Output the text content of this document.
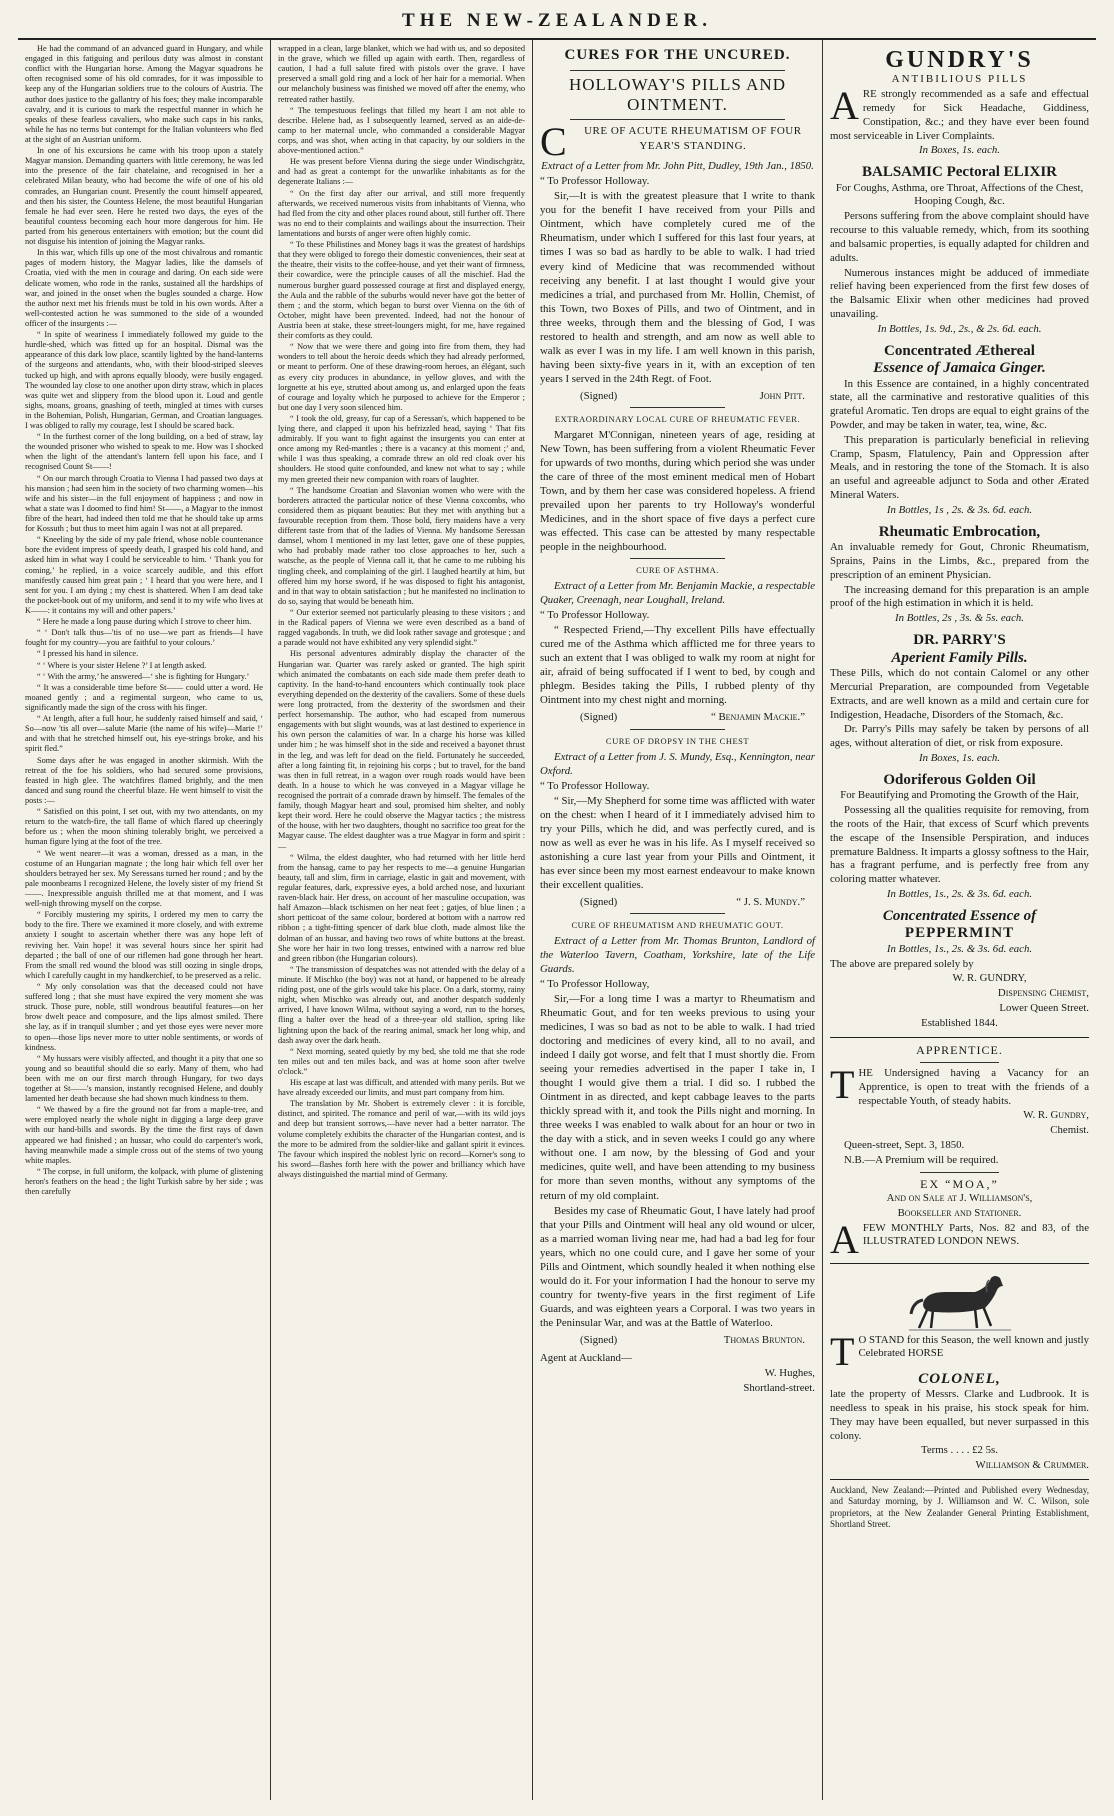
THE NEW-ZEALANDER.

He had the command of an advanced guard in Hungary, and while engaged in this fatiguing and perilous duty was almost in constant conflict with the Hungarian horse. Among the Magyar squadrons he often recognised some of his old comrades, for it was impossible to keep any of the Hungarian soldiers true to the colours of Austria. The author does justice to the gallantry of his foes; they make incomparable cavalry, and it is curious to mark the respectful manner in which he speaks of these fearless cavaliers, who make such caps in his ranks, while he has no terms but contempt for the Italian volunteers who fled at the sight of an Austrian uniform.

In one of his excursions he came with his troop upon a stately Magyar mansion. Demanding quarters with little ceremony, he was led into the presence of the fair chatelaine, and recognised in her a celebrated Milan beauty, who had become the wife of one of his old comrades, an Hungarian count. Presently the count himself appeared, and then his sister, the Countess Helene, the most beautiful Hungarian female he had ever seen. Here he rested two days, the eyes of the beautiful countess becoming each hour more dangerous for him. He parted from his generous entertainers with emotion; but the count did not disguise his intention of joining the Magyar ranks.

In this war, which fills up one of the most chivalrous and romantic pages of modern history, the Magyar ladies, like the damsels of Croatia, vied with the men in courage and daring. On each side were delicate women, who rode in the ranks, sustained all the hardships of war, and joined in the onset when the bugles sounded a charge. How the author next met his friends must be told in his own words. After a well-contested action he was summoned to the side of a wounded officer of the insurgents :—

“ In spite of weariness I immediately followed my guide to the hurdle-shed, which was fitted up for an hospital. Dismal was the appearance of this dark low place, scantily lighted by the hand-lanterns of the surgeons and attendants, who, with their blood-striped sleeves tucked up high, and with aprons equally bloody, were busily engaged. The wounded lay close to one another upon dirty straw, which in places was quite wet and slippery from the blood upon it. Loud and gentle sighs, moans, groans, gnashing of teeth, mingled at times with curses in the Bohemian, Polish, Hungarian, German, and Croatian languages. I was obliged to rally my courage, lest I should be scared back.

“ In the furthest corner of the long building, on a bed of straw, lay the wounded prisoner who wished to speak to me. How was I shocked when the light of the attendant's lantern fell upon his face, and I recognised Count St——!

“ On our march through Croatia to Vienna I had passed two days at his mansion ; had seen him in the society of two charming women—his wife and his sister—in the full enjoyment of happiness ; and now in what a state was I doomed to find him! St——, a Magyar to the inmost fibre of the heart, had indeed then told me that he should take up arms for Kossuth ; but thus to meet him again I was not at all prepared.

“ Kneeling by the side of my pale friend, whose noble countenance bore the evident impress of speedy death, I grasped his cold hand, and asked him in what way I could be serviceable to him. ‘ Thank you for coming,’ he replied, in a voice scarcely audible, and this effort manifestly caused him great pain ; ‘ I heard that you were here, and I sent for you. I am dying ; my chest is shattered. When I am dead take the pocket-book out of my uniform, and send it to my wife who lives at K——: it contains my will and other papers.’

“ Here he made a long pause during which I strove to cheer him.

“ ‘ Don't talk thus—'tis of no use—we part as friends—I have fought for my country—you are faithful to your colours.’

“ I pressed his hand in silence.

“ ‘ Where is your sister Helene ?’ I at length asked.

“ ‘ With the army,’ he answered—‘ she is fighting for Hungary.’

“ It was a considerable time before St—— could utter a word. He moaned gently ; and a regimental surgeon, who came to us, significantly made the sign of the cross with his finger.

“ At length, after a full hour, he suddenly raised himself and said, ‘ So—now 'tis all over—salute Marie (the name of his wife)—Marie !’ and with that he stretched himself out, his eye-strings broke, and his spirit fled.”

Some days after he was engaged in another skirmish. With the retreat of the foe his soldiers, who had secured some provisions, feasted in high glee. The watchfires flamed brightly, and the men danced and sung round the cheerful blaze. He went himself to visit the posts :—

“ Satisfied on this point, I set out, with my two attendants, on my return to the watch-fire, the tall flame of which flared up cheeringly before us ; when the moon shining tolerably bright, we perceived a human figure lying at the foot of the tree.

“ We went nearer—it was a woman, dressed as a man, in the costume of an Hungarian magnate ; the long hair which fell over her shoulders betrayed her sex. My Seressans turned her round ; and by the pale moonbeams I recognized Helene, the lovely sister of my friend St——. Inexpressible anguish thrilled me at that moment, and I was well-nigh throwing myself on the corpse.

“ Forcibly mustering my spirits, I ordered my men to carry the body to the fire. There we examined it more closely, and with extreme anxiety I sought to ascertain whether there was any hope left of reviving her. Vain hope! it was several hours since her spirit had departed ; the ball of one of our riflemen had gone through her heart. From the small red wound the blood was still oozing in single drops, which I carefully caught in my handkerchief, to be preserved as a relic.

“ My only consolation was that the deceased could not have suffered long ; that she must have expired the very moment she was struck. Those pure, noble, still wondrous beautiful features—on her brow dwelt peace and composure, and the lips almost smiled. There she lay, as if in tranquil slumber ; and yet those eyes were never more to open—those lips never more to utter noble sentiments, or words of kindness.

“ My hussars were visibly affected, and thought it a pity that one so young and so beautiful should die so early. Many of them, who had been with me on our first march through Hungary, for two days together at St——'s mansion, instantly recognised Helene, and doubly lamented her death because she had shown much kindness to them.

“ We thawed by a fire the ground not far from a maple-tree, and were employed nearly the whole night in digging a large deep grave with our hand-bills and swords. By the time the first rays of dawn appeared we had finished ; an hussar, who could do carpenter's work, having meanwhile made a simple cross out of the stems of two young white maples.

“ The corpse, in full uniform, the kolpack, with plume of glistening heron's feathers on the head ; the light Turkish sabre by her side ; was then carefully

wrapped in a clean, large blanket, which we had with us, and so deposited in the grave, which we filled up again with earth. Then, regardless of caution, I had a full salute fired with pistols over the grave. I have preserved a small gold ring and a lock of her hair for a memorial. When our melancholy business was finished we moved off after the enemy, who retreated rather hastily.

“ The tempestuous feelings that filled my heart I am not able to describe. Helene had, as I subsequently learned, served as an aide-de-camp to her maternal uncle, who commanded a considerable Magyar corps, and was shot, when acting in that capacity, by our soldiers in the above-mentioned action.”

He was present before Vienna during the siege under Windischgrätz, and had as great a contempt for the unwarlike inhabitants as for the degenerate Italians :—

“ On the first day after our arrival, and still more frequently afterwards, we received numerous visits from inhabitants of Vienna, who had fled from the city and other places round about, still further off. There was no end to their complaints and wailings about the insurrection. Their lamentations and bursts of anger were often highly comic.

“ To these Philistines and Money bags it was the greatest of hardships that they were obliged to forego their domestic conveniences, their seat at the theatre, their visits to the coffee-house, and yet their want of firmness, their cowardice, were the principle causes of all the mischief. Had the numerous burgher guard possessed courage at first and displayed energy, the Aula and the rabble of the suburbs would never have got the better of them ; and the storm, which began to burst over Vienna on the 6th of October, might have been prevented. Indeed, had not the honour of Austria been at stake, these street-loungers might, for me, have regained their comforts as they could.

“ Now that we were there and going into fire from them, they had wonders to tell about the heroic deeds which they had already performed, or meant to perform. One of these drawing-room heroes, an élégant, such as every city produces in abundance, in yellow gloves, and with the lorgnette at his eye, strutted about among us, and enlarged upon the feats of courage and loyalty which he purposed to achieve for the Emperor ; but one day I very soon silenced him.

“ I took the old, greasy, fur cap of a Seressan's, which happened to be lying there, and clapped it upon his befrizzled head, saying ‘ That fits admirably. If you want to fight against the insurgents you can enter at once among my Red-mantles ; there is a vacancy at this moment ;’ and, while I was thus speaking, a comrade threw an old red cloak over his shoulders. He stood quite confounded, and knew not what to say ; while my men greeted their new companion with roars of laughter.

“ The handsome Croatian and Slavonian women who were with the borderers attracted the particular notice of these Vienna coxcombs, who considered them as piquant beauties: But they met with anything but a favourable reception from them. Those bold, fiery maidens have a very different taste from that of the ladies of Vienna. My handsome Seressan damsel, whom I mentioned in my last letter, gave one of these puppies, who had probably made rather too close approaches to her, such a watsche, as the people of Vienna call it, that he came to me rubbing his tingling cheek, and complaining of the girl. I laughed heartily at him, but offered him my horse sword, if he was disposed to fight his antagonist, and in that way to obtain satisfaction ; but he manifested no inclination to do so, saying that would be beneath him.

“ Our exterior seemed not particularly pleasing to these visitors ; and in the Radical papers of Vienna we were even described as a band of ragged vagabonds. In truth, we did look rather savage and grotesque ; and a parade would not have exhibited any very splendid sight.”

His personal adventures admirably display the character of the Hungarian war. Quarter was rarely asked or granted. The high spirit which animated the combatants on each side made them prefer death to captivity. In the hand-to-hand encounters which continually took place everything depended on the dexterity of the cavaliers. Some of these duels were long protracted, from the dexterity of the swordsmen and their perfect horsemanship. The author, who had escaped from numerous engagements with but slight wounds, was at last destined to experience in his own person the calamities of war. In a charge his horse was killed under him ; he was himself shot in the side and received a bayonet thrust in the leg, and was left for dead on the field. Fortunately he succeeded, after a long fainting fit, in rejoining his corps ; but to travel, for the band was then in full retreat, in a wagon over rough roads would have been death. In a house to which he was conveyed in a Magyar village he recognised the portrait of a comrade drawn by himself. The females of the family, though Magyar heart and soul, promised him shelter, and nobly kept their word. Here he could observe the Magyar tactics ; the mistress of the house, with her two daughters, thought no sacrifice too great for the Magyar cause. The eldest daughter was a true Magyar in form and spirit :—

“ Wilma, the eldest daughter, who had returned with her little herd from the hansag, came to pay her respects to me—a genuine Hungarian beauty, tall and slim, firm in carriage, elastic in gait and movement, with regular features, dark, expressive eyes, a bold arched nose, and luxuriant raven-black hair. Her dress, on account of her masculine occupation, was half Amazon—black tschismen on her neat feet ; gatjes, of blue linen ; a short petticoat of the same colour, bordered at bottom with a narrow red ribbon ; a tight-fitting spencer of dark blue cloth, made almost like the dolman of an hussar, and having two rows of white buttons at the breast. She wore her hair in two long tresses, entwined with a narrow red blue and green ribbon (the Hungarian colours).

“ The transmission of despatches was not attended with the delay of a minute. If Mischko (the boy) was not at hand, or happened to be already riding post, one of the girls would take his place. On a dark, stormy, rainy night, when Mischko was already out, and another despatch suddenly arrived, I have known Wilma, without saying a word, run to the horses, fling a halter over the head of a three-year old stallion, spring like lightning upon the back of the rearing animal, smack her long whip, and dash away over the dark heath.

“ Next morning, seated quietly by my bed, she told me that she rode ten miles out and ten miles back, and was at home soon after twelve o'clock.”

His escape at last was difficult, and attended with many perils. But we have already exceeded our limits, and must part company from him.

The translation by Mr. Shobert is extremely clever : it is forcible, distinct, and spirited. The romance and peril of war,—with its wild joys and deep but transient sorrows,—have never had a better narrator. The volume completely exhibits the character of the Hungarian contest, and is the more to be admired from the soldier-like and gallant spirit it evinces. The favour which inspired the noblest lyric on record—Korner's song to his sword—flashes forth here with the power and brilliancy which have always distinguished the martial mind of Germany.

CURES FOR THE UNCURED.
HOLLOWAY'S PILLS AND OINTMENT.
C URE OF ACUTE RHEUMATISM OF FOUR YEAR'S STANDING.

Extract of a Letter from Mr. John Pitt, Dudley, 19th Jan., 1850.

“ To Professor Holloway.

Sir,—It is with the greatest pleasure that I write to thank you for the benefit I have received from your Pills and Ointment, which have completely cured me of the Rheumatism, under which I suffered for this last four years, at times I was so bad as hardly to be able to walk. I had tried every kind of Medicine that was recommended without receiving any benefit. I at last thought I would give your medicines a trial, and purchased from Mr. Hollin, Chemist, of this Town, two Boxes of Pills, and two of Ointment, and in three weeks, through them and the blessing of God, I was restored to health and strength, and am now as well able to walk as ever I was in my life. I am well known in this parish, having been sixty-five years in it, with an exception of ten years I served in the 24th Regt. of Foot.

(Signed)	John Pitt.
EXTRAORDINARY LOCAL CURE OF RHEUMATIC FEVER.

Margaret M'Connigan, nineteen years of age, residing at New Town, has been suffering from a violent Rheumatic Fever for upwards of two months, during which period she was under the care of three of the most eminent medical men of Hobart Town, and by them her case was considered hopeless. A friend prevailed upon her parents to try Holloway's wonderful Medicines, and in the short space of five days a perfect cure was effected. This case can be attested by many respectable people in the neighbourhood.

CURE OF ASTHMA.

Extract of a Letter from Mr. Benjamin Mackie, a respectable Quaker, Creenagh, near Loughall, Ireland.

“ To Professor Holloway.

“ Respected Friend,—Thy excellent Pills have effectually cured me of the Asthma which afflicted me for three years to such an extent that I was obliged to walk my room at night for air, afraid of being suffocated if I went to bed, by cough and phlegm. Besides taking the Pills, I rubbed plenty of thy Ointment into my chest night and morning.

(Signed)	“ Benjamin Mackie.”
CURE OF DROPSY IN THE CHEST

Extract of a Letter from J. S. Mundy, Esq., Kennington, near Oxford.

“ To Professor Holloway.

“ Sir,—My Shepherd for some time was afflicted with water on the chest: when I heard of it I immediately advised him to try your Pills, which he did, and was perfectly cured, and is now as well as ever he was in his life. As I myself received so astonishing a cure last year from your Pills and Ointment, it has ever since been my most earnest endeavour to make known their excellent qualities.

(Signed)	“ J. S. Mundy.”
CURE OF RHEUMATISM AND RHEUMATIC GOUT.

Extract of a Letter from Mr. Thomas Brunton, Landlord of the Waterloo Tavern, Coatham, Yorkshire, late of the Life Guards.

“ To Professor Holloway,

Sir,—For a long time I was a martyr to Rheumatism and Rheumatic Gout, and for ten weeks previous to using your medicines, I was so bad as not to be able to walk. I had tried doctoring and medicines of every kind, all to no avail, and indeed I daily got worse, and felt that I must shortly die. From seeing your remedies advertised in the paper I take in, I thought I would give them a trial. I did so. I rubbed the Ointment in as directed, and kept cabbage leaves to the parts thickly spread with it, and took the Pills night and morning. In three weeks I was enabled to walk about for an hour or two in the day with a stick, and in seven weeks I could go any where without one. I am now, by the blessing of God and your medicines, quite well, and have been attending to my business for more than seven months, without any symptoms of the return of my old complaint.

Besides my case of Rheumatic Gout, I have lately had proof that your Pills and Ointment will heal any old wound or ulcer, as a married woman living near me, had had a bad leg for four years, which no one could cure, and I gave her some of your Pills and Ointment, which soundly healed it when nothing else would do it. For your information I had the honour to serve my country for twenty-five years in the first regiment of Life Guards, and was eighteen years a Corporal. I was two years in the Peninsular War, and was at the Battle of Waterloo.

(Signed)	Thomas Brunton.

Agent at Auckland—

W. Hughes,

Shortland-street.

GUNDRY'S
ANTIBILIOUS PILLS

A RE strongly recommended as a safe and effectual remedy for Sick Headache, Giddiness, Constipation, &c.; and they have ever been found most serviceable in Liver Complaints.

In Boxes, 1s. each.

BALSAMIC Pectoral ELIXIR

For Coughs, Asthma, ore Throat, Affections of the Chest, Hooping Cough, &c.

Persons suffering from the above complaint should have recourse to this valuable remedy, which, from its soothing and balsamic properties, is equally adapted for children and adults.

Numerous instances might be adduced of immediate relief having been experienced from the first few doses of the Balsamic Elixir when other medicines had proved unavailing.

In Bottles, 1s. 9d., 2s., & 2s. 6d. each.

Concentrated Æthereal
Essence of Jamaica Ginger.

In this Essence are contained, in a highly concentrated state, all the carminative and restorative qualities of this grateful Aromatic. Ten drops are equal to eight grains of the Powder, and may be taken in water, tea, wine, &c.

This preparation is particularly beneficial in relieving Cramp, Spasm, Flatulency, Pain and Oppression after Meals, and in restoring the tone of the Stomach. It is also an useful and agreeable adjunct to Soda and other Ærated Mineral Waters.

In Bottles, 1s , 2s. & 3s. 6d. each.

Rheumatic Embrocation,

An invaluable remedy for Gout, Chronic Rheumatism, Sprains, Pains in the Limbs, &c., prepared from the prescription of an eminent Physician.

The increasing demand for this preparation is an ample proof of the high estimation in which it is held.

In Bottles, 2s , 3s. & 5s. each.

DR. PARRY'S
Aperient Family Pills.

These Pills, which do not contain Calomel or any other Mercurial Preparation, are compounded from Vegetable Extracts, and are well known as a mild and certain cure for Indigestion, Headache, Disorders of the Stomach, &c.

Dr. Parry's Pills may safely be taken by persons of all ages, without alteration of diet, or risk from exposure.

In Boxes, 1s. each.

Odoriferous Golden Oil

For Beautifying and Promoting the Growth of the Hair,

Possessing all the qualities requisite for removing, from the roots of the Hair, that excess of Scurf which prevents the escape of the Insensible Perspiration, and induces premature Baldness. It imparts a glossy softness to the Hair, has a fragrant perfume, and is perfectly free from any coloring matter whatever.

In Bottles, 1s., 2s. & 3s. 6d. each.

Concentrated Essence of
PEPPERMINT

In Bottles, 1s., 2s. & 3s. 6d. each.

The above are prepared solely by

W. R. GUNDRY,

Dispensing Chemist,

Lower Queen Street.

Established 1844.

APPRENTICE.

T HE Undersigned having a Vacancy for an Apprentice, is open to treat with the friends of a respectable Youth, of steady habits.

W. R. Gundry,

Chemist.

Queen-street, Sept. 3, 1850.

N.B.—A Premium will be required.

EX “MOA,”

And on Sale at J. Williamson's,

Bookseller and Stationer.

A FEW MONTHLY Parts, Nos. 82 and 83, of the ILLUSTRATED LONDON NEWS.

T O STAND for this Season, the well known and justly Celebrated HORSE

COLONEL,

late the property of Messrs. Clarke and Ludbrook. It is needless to speak in his praise, his stock speak for him. They may have been equalled, but never surpassed in this colony.

Terms . . . . £2 5s.

Williamson & Crummer.

Auckland, New Zealand:—Printed and Published every Wednesday, and Saturday morning, by J. Williamson and W. C. Wilson, sole proprietors, at the New Zealander General Printing Establishment, Shortland Street.
